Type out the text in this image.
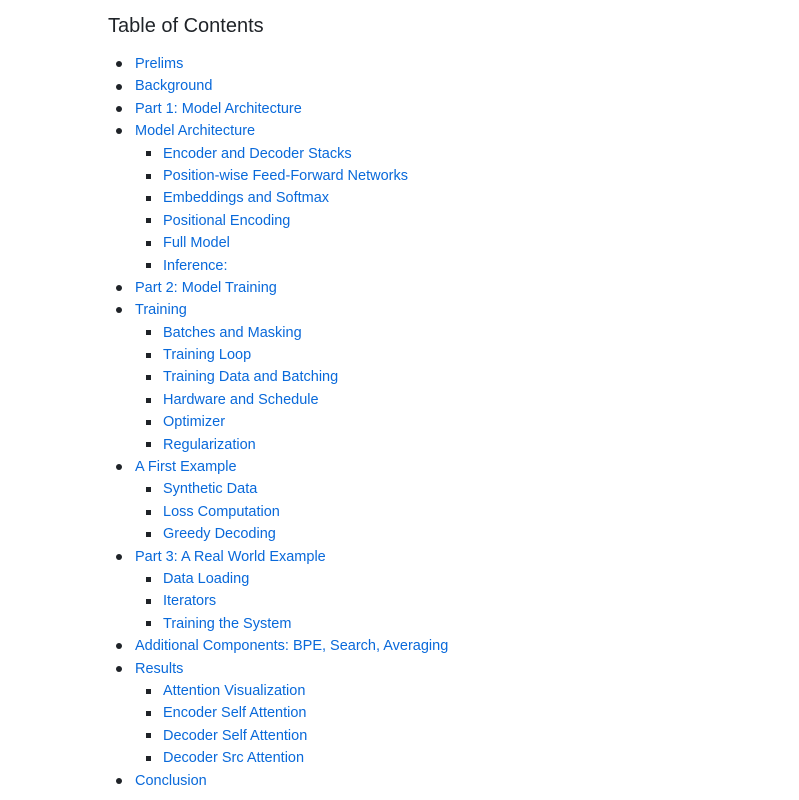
Table of Contents
Prelims
Background
Part 1: Model Architecture
Model Architecture
Encoder and Decoder Stacks
Position-wise Feed-Forward Networks
Embeddings and Softmax
Positional Encoding
Full Model
Inference:
Part 2: Model Training
Training
Batches and Masking
Training Loop
Training Data and Batching
Hardware and Schedule
Optimizer
Regularization
A First Example
Synthetic Data
Loss Computation
Greedy Decoding
Part 3: A Real World Example
Data Loading
Iterators
Training the System
Additional Components: BPE, Search, Averaging
Results
Attention Visualization
Encoder Self Attention
Decoder Self Attention
Decoder Src Attention
Conclusion
